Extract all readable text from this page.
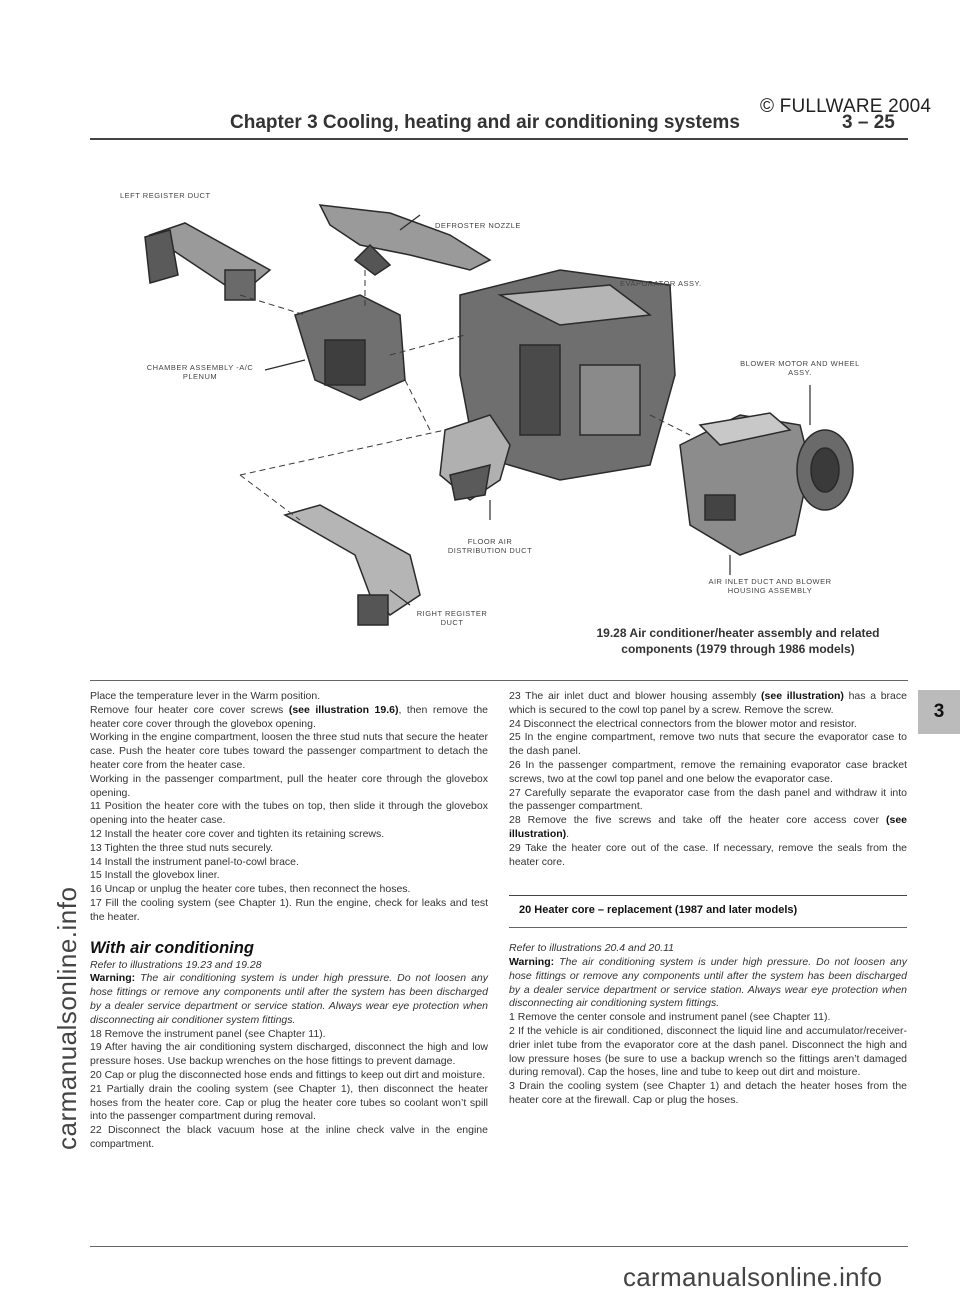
© FULLWARE 2004
Chapter 3 Cooling, heating and air conditioning systems	3 – 25
LEFT REGISTER DUCT
DEFROSTER NOZZLE
EVAPORATOR ASSY.
CHAMBER ASSEMBLY -A/C PLENUM
BLOWER MOTOR AND WHEEL ASSY.
FLOOR AIR DISTRIBUTION DUCT
AIR INLET DUCT AND BLOWER HOUSING ASSEMBLY
RIGHT REGISTER DUCT
19.28 Air conditioner/heater assembly and related
components (1979 through 1986 models)
carmanualsonline.info
3

Place the temperature lever in the Warm position.

Remove four heater core cover screws (see illustration 19.6), then remove the heater core cover through the glovebox opening.

Working in the engine compartment, loosen the three stud nuts that secure the heater case. Push the heater core tubes toward the passenger compartment to detach the heater core from the heater case.

Working in the passenger compartment, pull the heater core through the glovebox opening.

11 Position the heater core with the tubes on top, then slide it through the glovebox opening into the heater case.

12 Install the heater core cover and tighten its retaining screws.

13 Tighten the three stud nuts securely.

14 Install the instrument panel-to-cowl brace.

15 Install the glovebox liner.

16 Uncap or unplug the heater core tubes, then reconnect the hoses.

17 Fill the cooling system (see Chapter 1). Run the engine, check for leaks and test the heater.

With air conditioning

Refer to illustrations 19.23 and 19.28

Warning: The air conditioning system is under high pressure. Do not loosen any hose fittings or remove any components until after the system has been discharged by a dealer service department or service station. Always wear eye protection when disconnecting air conditioner system fittings.

18 Remove the instrument panel (see Chapter 11).

19 After having the air conditioning system discharged, disconnect the high and low pressure hoses. Use backup wrenches on the hose fittings to prevent damage.

20 Cap or plug the disconnected hose ends and fittings to keep out dirt and moisture.

21 Partially drain the cooling system (see Chapter 1), then disconnect the heater hoses from the heater core. Cap or plug the heater core tubes so coolant won’t spill into the passenger compartment during removal.

22 Disconnect the black vacuum hose at the inline check valve in the engine compartment.

23 The air inlet duct and blower housing assembly (see illustration) has a brace which is secured to the cowl top panel by a screw. Remove the screw.

24 Disconnect the electrical connectors from the blower motor and resistor.

25 In the engine compartment, remove two nuts that secure the evaporator case to the dash panel.

26 In the passenger compartment, remove the remaining evaporator case bracket screws, two at the cowl top panel and one below the evaporator case.

27 Carefully separate the evaporator case from the dash panel and withdraw it into the passenger compartment.

28 Remove the five screws and take off the heater core access cover (see illustration).

29 Take the heater core out of the case. If necessary, remove the seals from the heater core.

20 Heater core – replacement (1987 and later models)

Refer to illustrations 20.4 and 20.11

Warning: The air conditioning system is under high pressure. Do not loosen any hose fittings or remove any components until after the system has been discharged by a dealer service department or service station. Always wear eye protection when disconnecting air conditioning system fittings.

1 Remove the center console and instrument panel (see Chapter 11).

2 If the vehicle is air conditioned, disconnect the liquid line and accumulator/receiver-drier inlet tube from the evaporator core at the dash panel. Disconnect the high and low pressure hoses (be sure to use a backup wrench so the fittings aren’t damaged during removal). Cap the hoses, line and tube to keep out dirt and moisture.

3 Drain the cooling system (see Chapter 1) and detach the heater hoses from the heater core at the firewall. Cap or plug the hoses.

carmanualsonline.info
